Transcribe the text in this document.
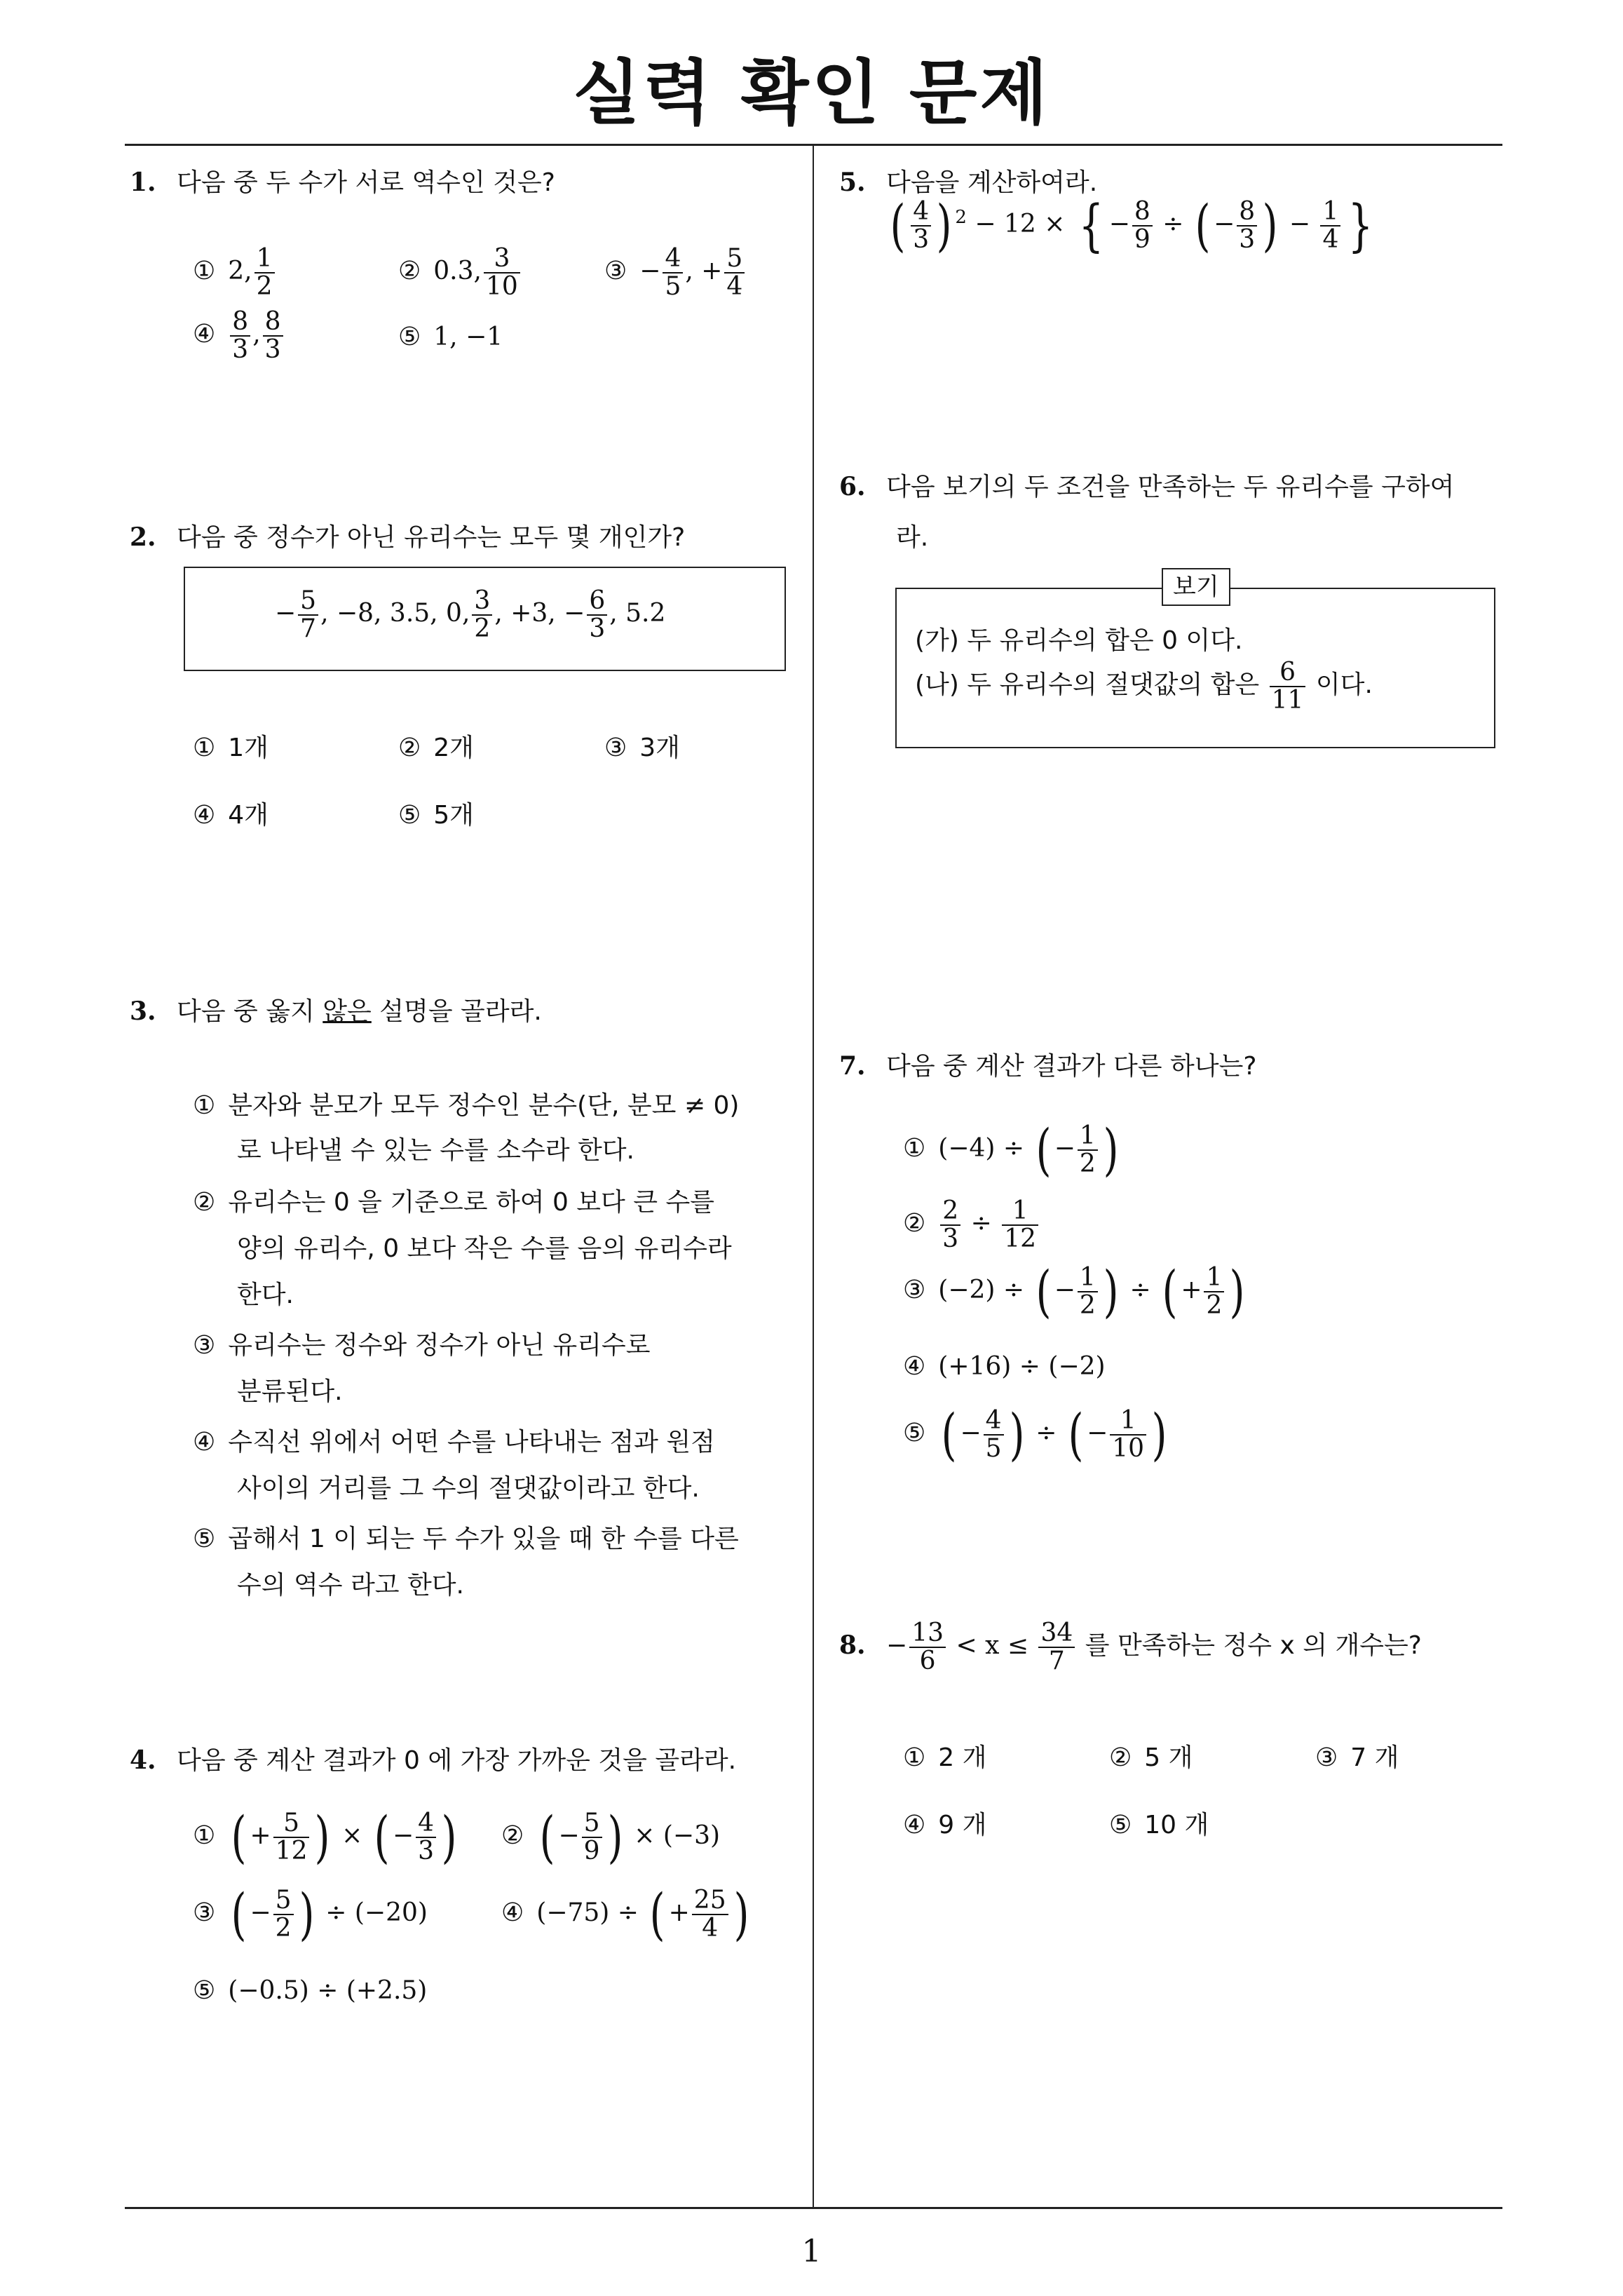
실력 확인 문제
1
1. 다음 중 두 수가 서로 역수인 것은?
① 2, $\frac{1}{2}$	② 0.3, $\frac{3}{10}$	③ − $\frac{4}{5}$ , + $\frac{5}{4}$
④ $\frac{8}{3}$ , $\frac{8}{3}$	⑤ 1, −1
2. 다음 중 정수가 아닌 유리수는 모두 몇 개인가?
− $\frac{5}{7}$ , −8, 3.5, 0, $\frac{3}{2}$ , +3, − $\frac{6}{3}$ , 5.2
① 1개	② 2개	③ 3개
④ 4개	⑤ 5개
3. 다음 중 옳지 않은 설명을 골라라.
① 분자와 분모가 모두 정수인 분수(단, 분모 ≠ 0)
로 나타낼 수 있는 수를 소수라 한다.
② 유리수는 0 을 기준으로 하여 0 보다 큰 수를
양의 유리수, 0 보다 작은 수를 음의 유리수라
한다.
③ 유리수는 정수와 정수가 아닌 유리수로
분류된다.
④ 수직선 위에서 어떤 수를 나타내는 점과 원점
사이의 거리를 그 수의 절댓값이라고 한다.
⑤ 곱해서 1 이 되는 두 수가 있을 때 한 수를 다른
수의 역수 라고 한다.
4. 다음 중 계산 결과가 0 에 가장 가까운 것을 골라라.
① ( + $\frac{5}{12}$ ) × ( − $\frac{4}{3}$ ) ② ( − $\frac{5}{9}$ ) × (−3)
③ ( − $\frac{5}{2}$ ) ÷ (−20)	④ (−75) ÷ ( + $\frac{25}{4}$ )
⑤ (−0.5) ÷ (+2.5)
5. 다음을 계산하여라.
( $\frac{4}{3}$ ) $^2$ − 12 × { − $\frac{8}{9}$ ÷ ( − $\frac{8}{3}$ ) − $\frac{1}{4}$ }
6. 다음 보기의 두 조건을 만족하는 두 유리수를 구하여
라.
보기
(가) 두 유리수의 합은 0 이다.
(나) 두 유리수의 절댓값의 합은 $\frac{6}{11}$ 이다.
7. 다음 중 계산 결과가 다른 하나는?
① (−4) ÷ ( − $\frac{1}{2}$ )
② $\frac{2}{3} \div \frac{1}{12}$
③ (−2) ÷ ( − $\frac{1}{2}$ ) ÷ ( + $\frac{1}{2}$ )
④ (+16) ÷ (−2)
⑤ ( − $\frac{4}{5}$ ) ÷ ( − $\frac{1}{10}$ )
8. − $\frac{13}{6} < x \le \frac{34}{7}$ 를 만족하는 정수 x 의 개수는?
① 2 개	② 5 개	③ 7 개
④ 9 개	⑤ 10 개
